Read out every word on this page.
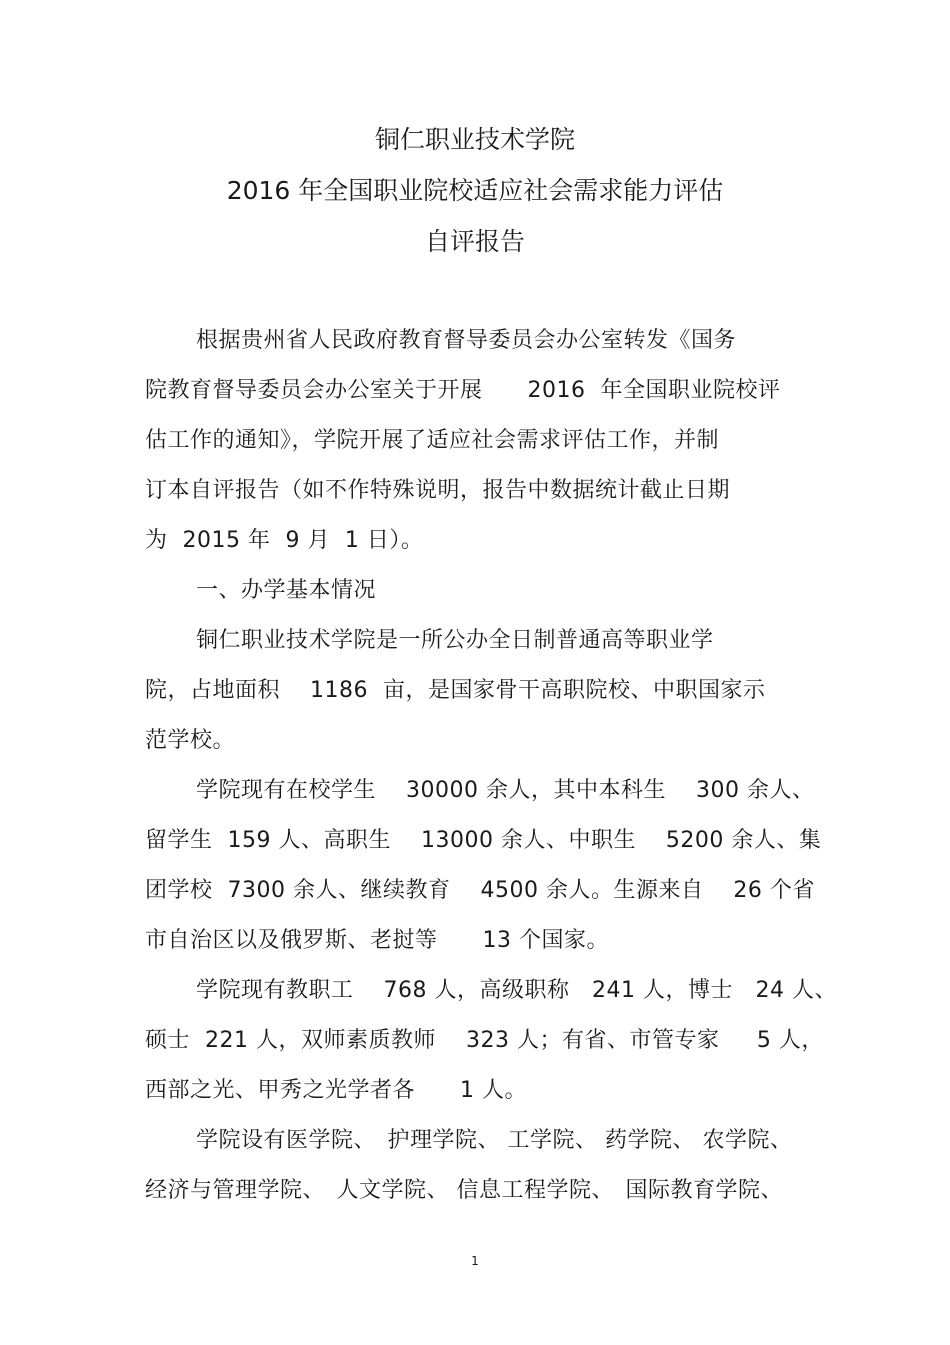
铜仁职业技术学院
2016 年全国职业院校适应社会需求能力评估
自评报告
根据贵州省人民政府教育督导委员会办公室转发《国务
院教育督导委员会办公室关于开展　　2016  年全国职业院校评
估工作的通知》，学院开展了适应社会需求评估工作，并制
订本自评报告（如不作特殊说明，报告中数据统计截止日期
为  2015 年  9 月  1 日）。
一、办学基本情况
铜仁职业技术学院是一所公办全日制普通高等职业学
院，占地面积　 1186  亩，是国家骨干高职院校、中职国家示
范学校。
学院现有在校学生　 30000 余人，其中本科生　 300 余人、
留学生  159 人、高职生　 13000 余人、中职生　 5200 余人、集
团学校  7300 余人、继续教育　 4500 余人。生源来自　 26 个省
市自治区以及俄罗斯、老挝等　　13 个国家。
学院现有教职工　 768 人，高级职称　241 人，博士　24 人、
硕士  221 人，双师素质教师　 323 人；有省、市管专家　  5 人，
西部之光、甲秀之光学者各　   1 人。
学院设有医学院、　护理学院、 工学院、 药学院、 农学院、
经济与管理学院、　人文学院、 信息工程学院、　国际教育学院、
1
